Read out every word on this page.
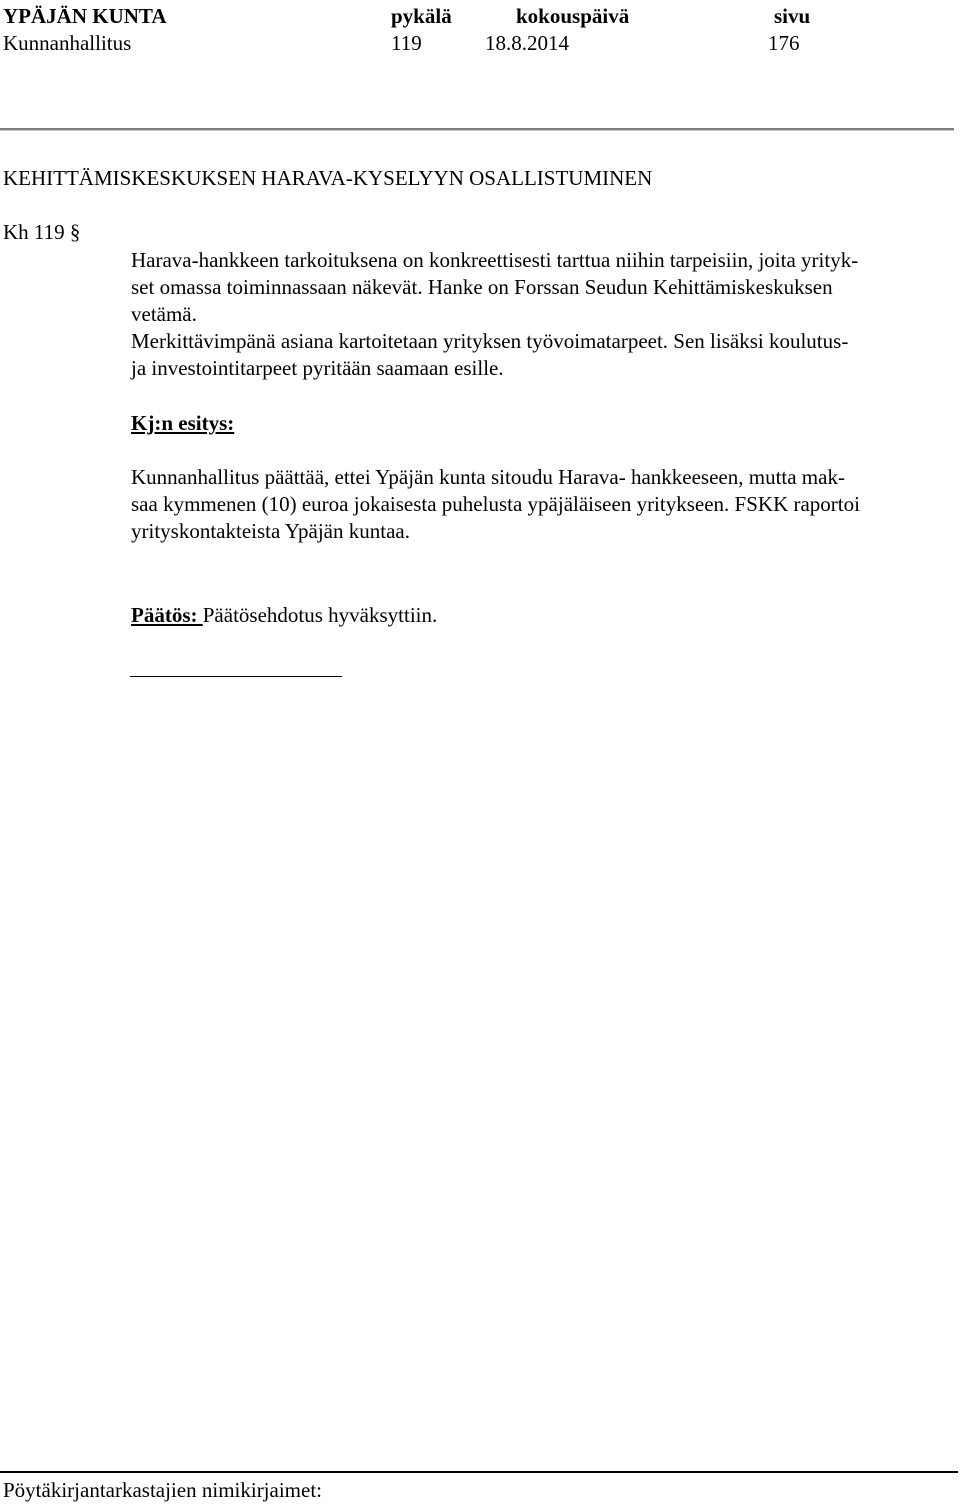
YPÄJÄN KUNTA	pykälä	kokouspäivä	sivu
Kunnanhallitus	119	18.8.2014	176
KEHITTÄMISKESKUKSEN HARAVA-KYSELYYN OSALLISTUMINEN
Kh 119 §
Harava-hankkeen tarkoituksena on konkreettisesti tarttua niihin tarpeisiin, joita yrityk-
set omassa toiminnassaan näkevät. Hanke on Forssan Seudun Kehittämiskeskuksen
vetämä.
Merkittävimpänä asiana kartoitetaan yrityksen työvoimatarpeet. Sen lisäksi koulutus-
ja investointitarpeet pyritään saamaan esille.
Kj:n esitys:
Kunnanhallitus päättää, ettei Ypäjän kunta sitoudu Harava- hankkeeseen, mutta mak-
saa kymmenen (10) euroa jokaisesta puhelusta ypäjäläiseen yritykseen. FSKK raportoi
yrityskontakteista Ypäjän kuntaa.
Päätös: Päätösehdotus hyväksyttiin.
Pöytäkirjantarkastajien nimikirjaimet:
